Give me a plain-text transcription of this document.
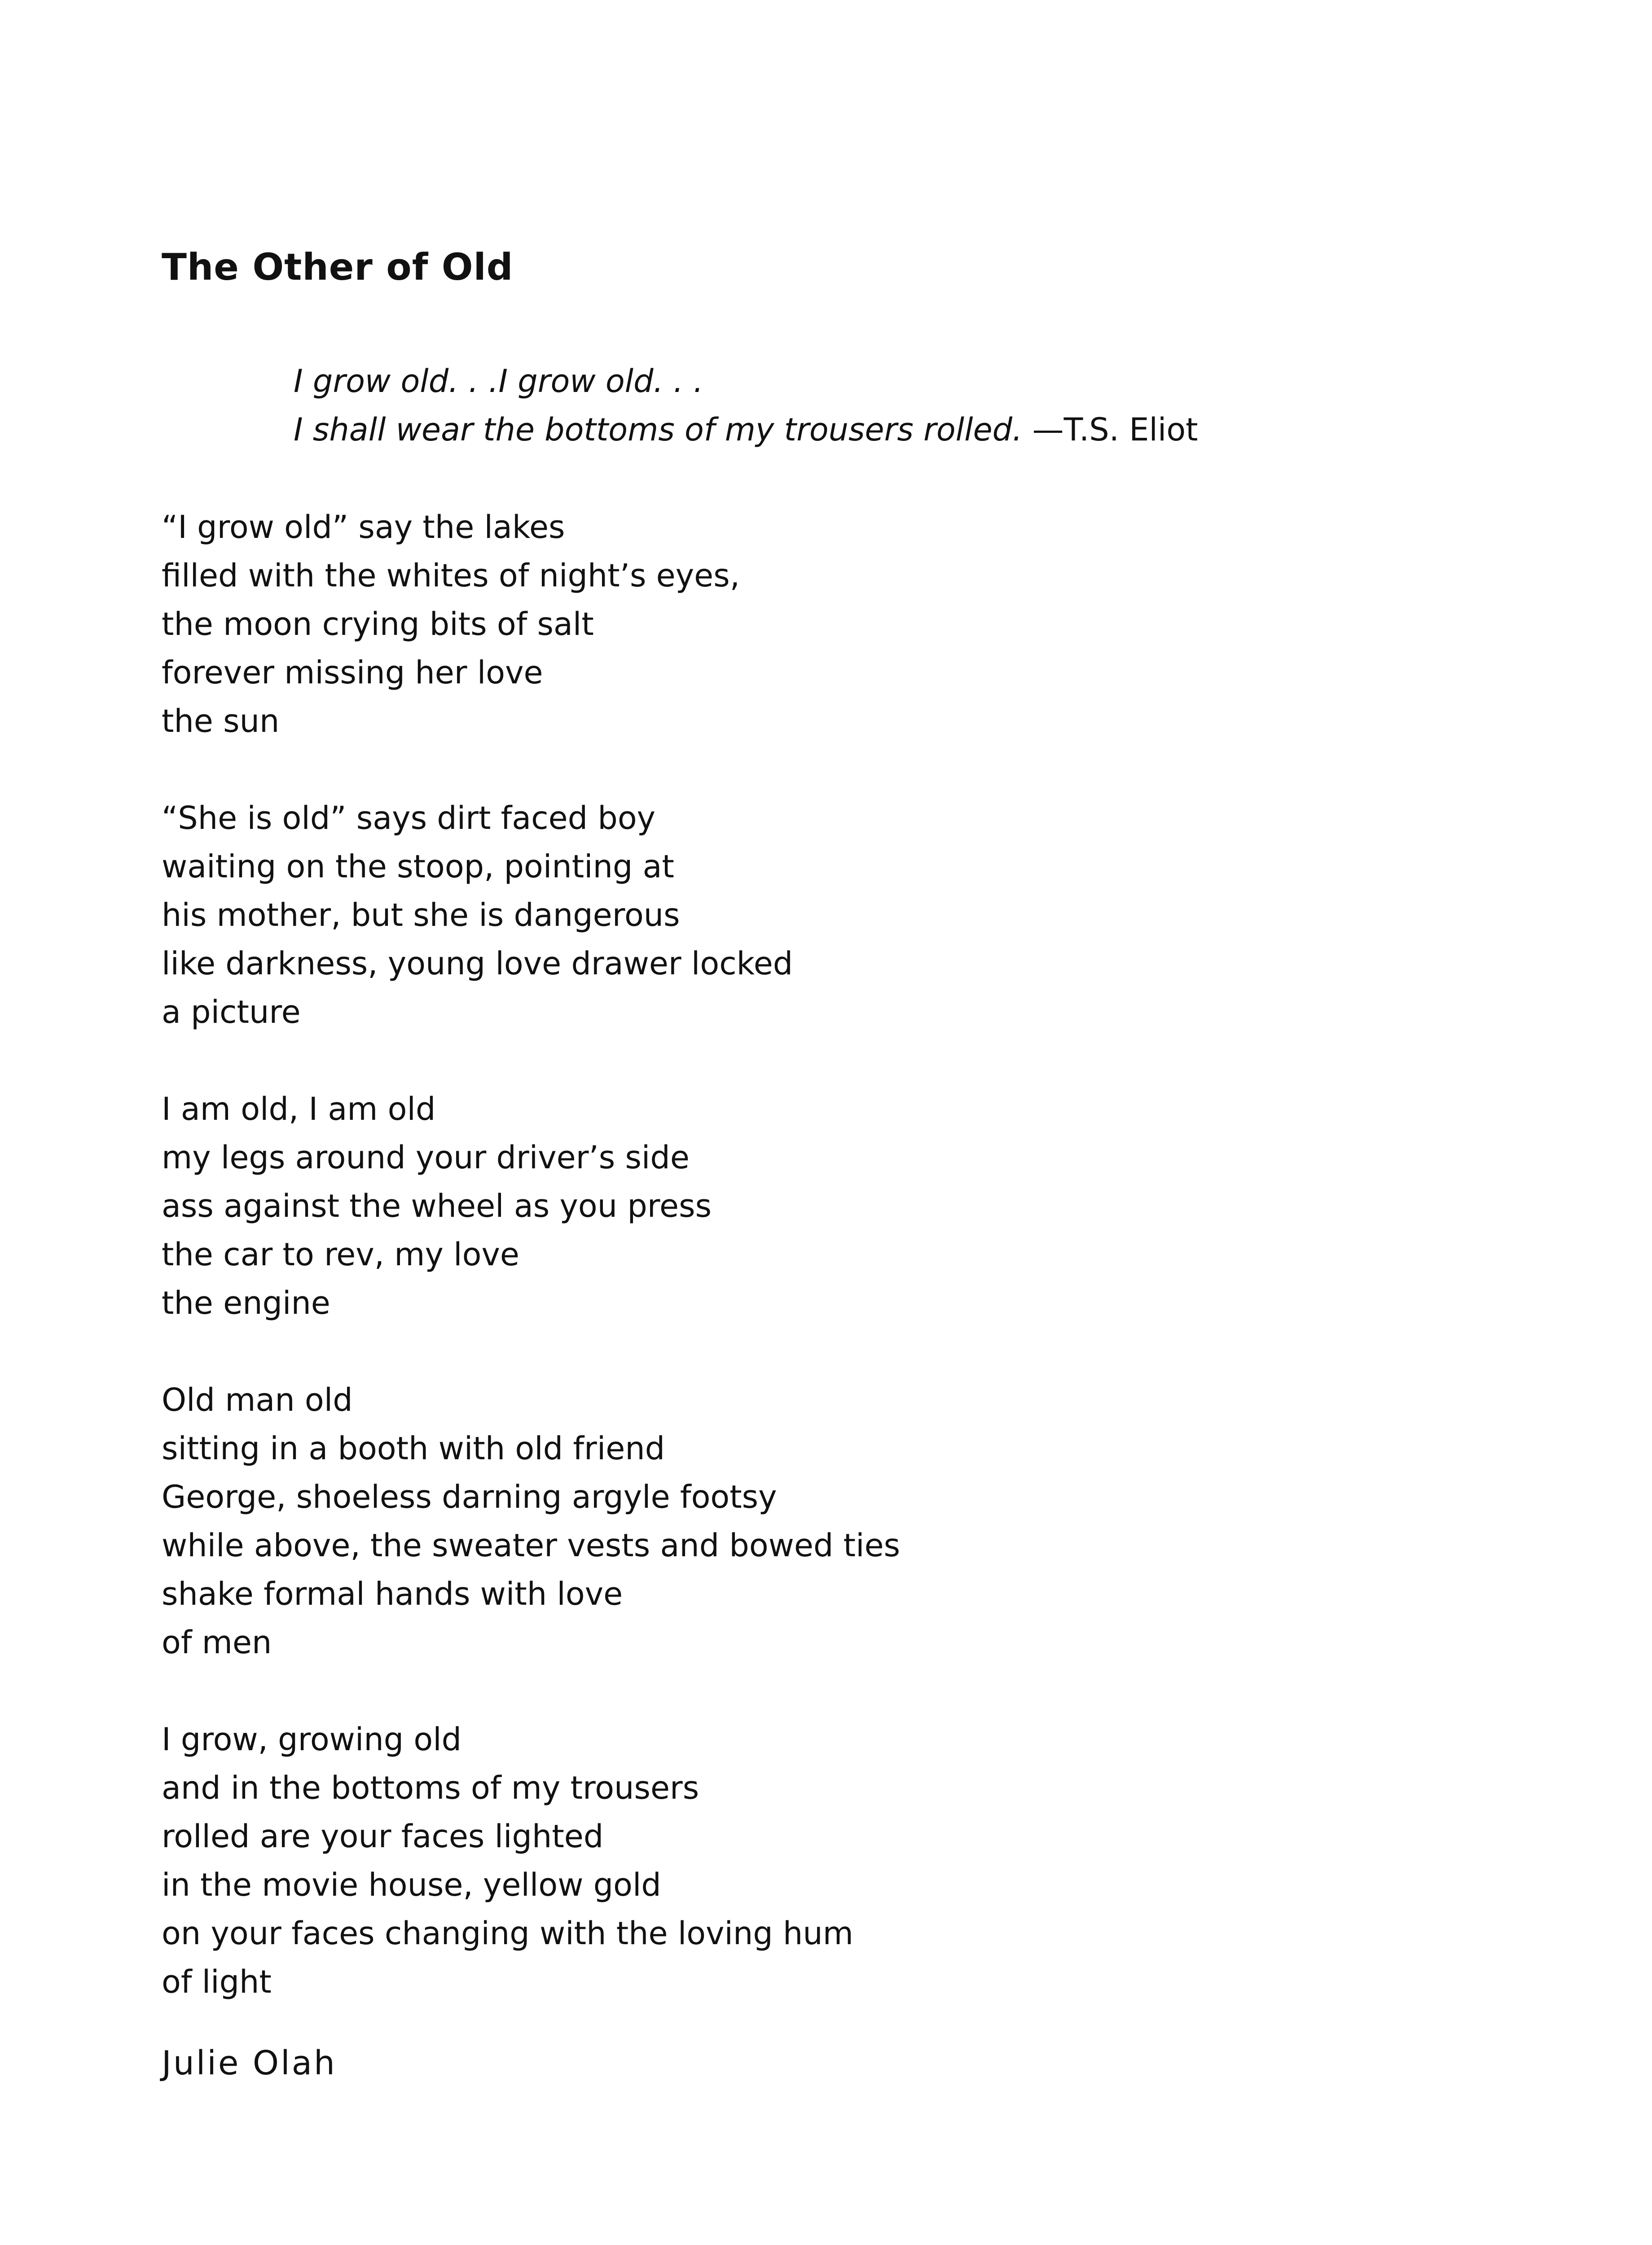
The Other of Old
I grow old. . .I grow old. . .
I shall wear the bottoms of my trousers rolled. —T.S. Eliot
“I grow old” say the lakes
filled with the whites of night’s eyes,
the moon crying bits of salt
forever missing her love
the sun
“She is old” says dirt faced boy
waiting on the stoop, pointing at
his mother, but she is dangerous
like darkness, young love drawer locked
a picture
I am old, I am old
my legs around your driver’s side
ass against the wheel as you press
the car to rev, my love
the engine
Old man old
sitting in a booth with old friend
George, shoeless darning argyle footsy
while above, the sweater vests and bowed ties
shake formal hands with love
of men
I grow, growing old
and in the bottoms of my trousers
rolled are your faces lighted
in the movie house, yellow gold
on your faces changing with the loving hum
of light
Julie Olah
